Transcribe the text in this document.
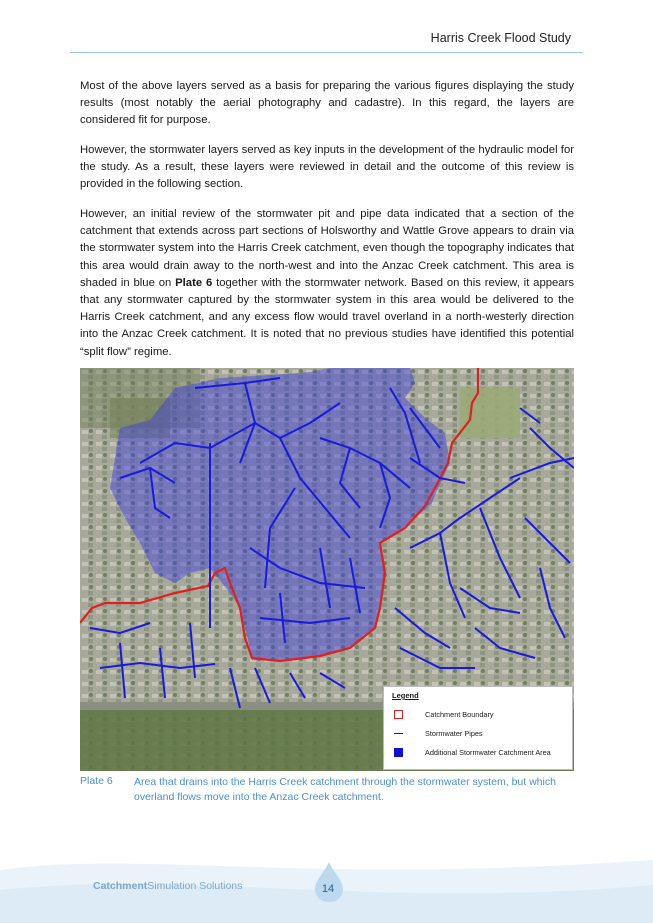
Harris Creek Flood Study
Most of the above layers served as a basis for preparing the various figures displaying the study results (most notably the aerial photography and cadastre). In this regard, the layers are considered fit for purpose.
However, the stormwater layers served as key inputs in the development of the hydraulic model for the study. As a result, these layers were reviewed in detail and the outcome of this review is provided in the following section.
However, an initial review of the stormwater pit and pipe data indicated that a section of the catchment that extends across part sections of Holsworthy and Wattle Grove appears to drain via the stormwater system into the Harris Creek catchment, even though the topography indicates that this area would drain away to the north-west and into the Anzac Creek catchment. This area is shaded in blue on Plate 6 together with the stormwater network. Based on this review, it appears that any stormwater captured by the stormwater system in this area would be delivered to the Harris Creek catchment, and any excess flow would travel overland in a north-westerly direction into the Anzac Creek catchment. It is noted that no previous studies have identified this potential “split flow” regime.
Legend
Catchment Boundary
Stormwater Pipes
Additional Stormwater Catchment Area
Plate 6 Area that drains into the Harris Creek catchment through the stormwater system, but which overland flows move into the Anzac Creek catchment.
CatchmentSimulation Solutions	14
